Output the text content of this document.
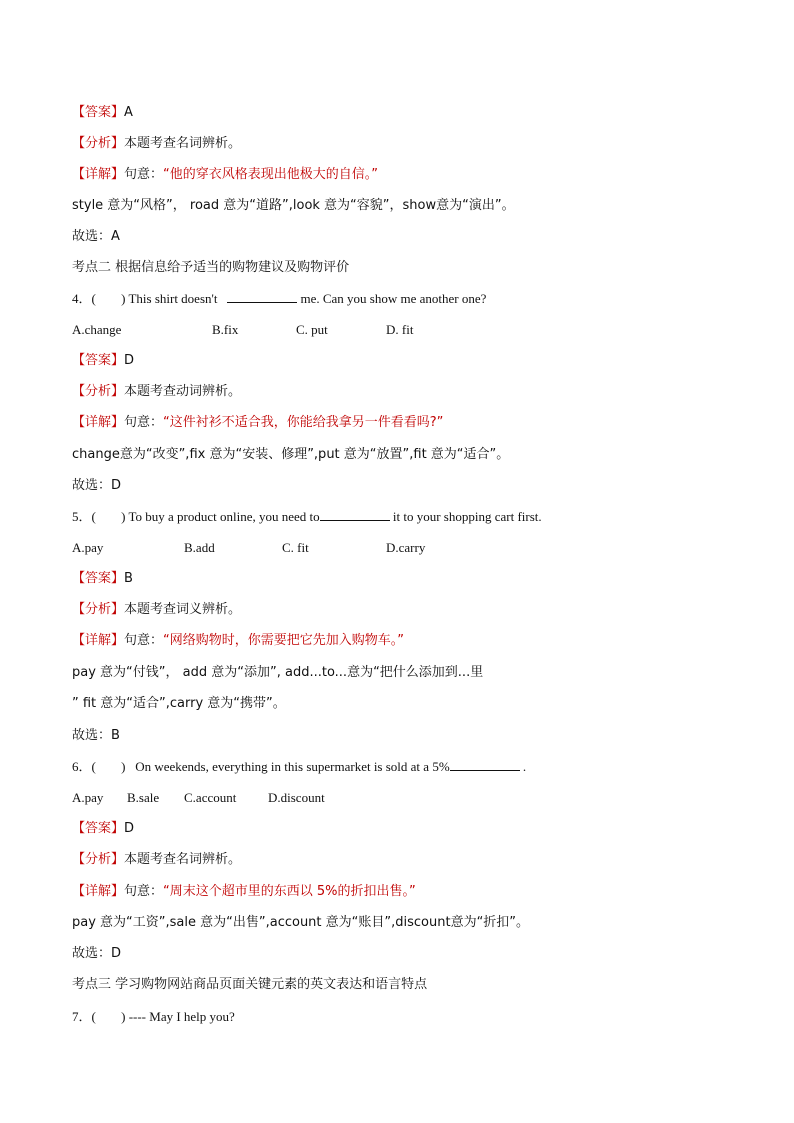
【答案】A
【分析】本题考查名词辨析。
【详解】句意：“他的穿衣风格表现出他极大的自信。”
style 意为“风格”， road 意为“道路”,look 意为“容貌”，show意为“演出”。
故选：A
考点二 根据信息给予适当的购物建议及购物评价
4．( ) This shirt doesn't	me. Can you show me another one?
A.change	B.fix	C. put	D. fit
【答案】D
【分析】本题考查动词辨析。
【详解】句意：“这件衬衫不适合我，你能给我拿另一件看看吗?”
change意为“改变”,fix 意为“安装、修理”,put 意为“放置”,fit 意为“适合”。
故选：D
5．( ) To buy a product online, you need to	it to your shopping cart first.
A.pay	B.add	C. fit	D.carry
【答案】B
【分析】本题考查词义辨析。
【详解】句意：“网络购物时，你需要把它先加入购物车。”
pay 意为“付钱”， add 意为“添加”, add...to...意为“把什么添加到...里
” fit 意为“适合”,carry 意为“携带”。
故选：B
6．( ) On weekends, everything in this supermarket is sold at a 5%	.
A.pay B.sale C.account D.discount
【答案】D
【分析】本题考查名词辨析。
【详解】句意：“周末这个超市里的东西以 5%的折扣出售。”
pay 意为“工资”,sale 意为“出售”,account 意为“账目”,discount意为“折扣”。
故选：D
考点三 学习购物网站商品页面关键元素的英文表达和语言特点
7．( ) ---- May I help you?
